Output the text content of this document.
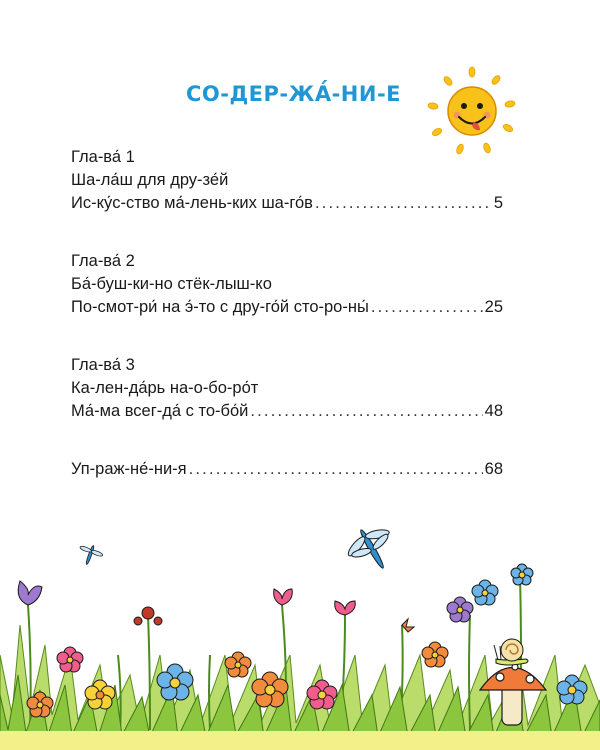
СО-ДЕР-ЖА́-НИ-Е
Гла-ва́ 1
Ша-ла́ш для дру-зе́й
Ис-ку́с-ство ма́-лень-ких ша-го́в .....	5
Гла-ва́ 2
Ба́-буш-ки-но стёк-лыш-ко
По-смот-ри́ на э́-то с дру-го́й сто-ро-ны́ .....	25
Гла-ва́ 3
Ка-лен-да́рь на-о-бо-ро́т
Ма́-ма всег-да́ с то-бо́й .....	48
Уп-раж-не́-ни-я .....	68
